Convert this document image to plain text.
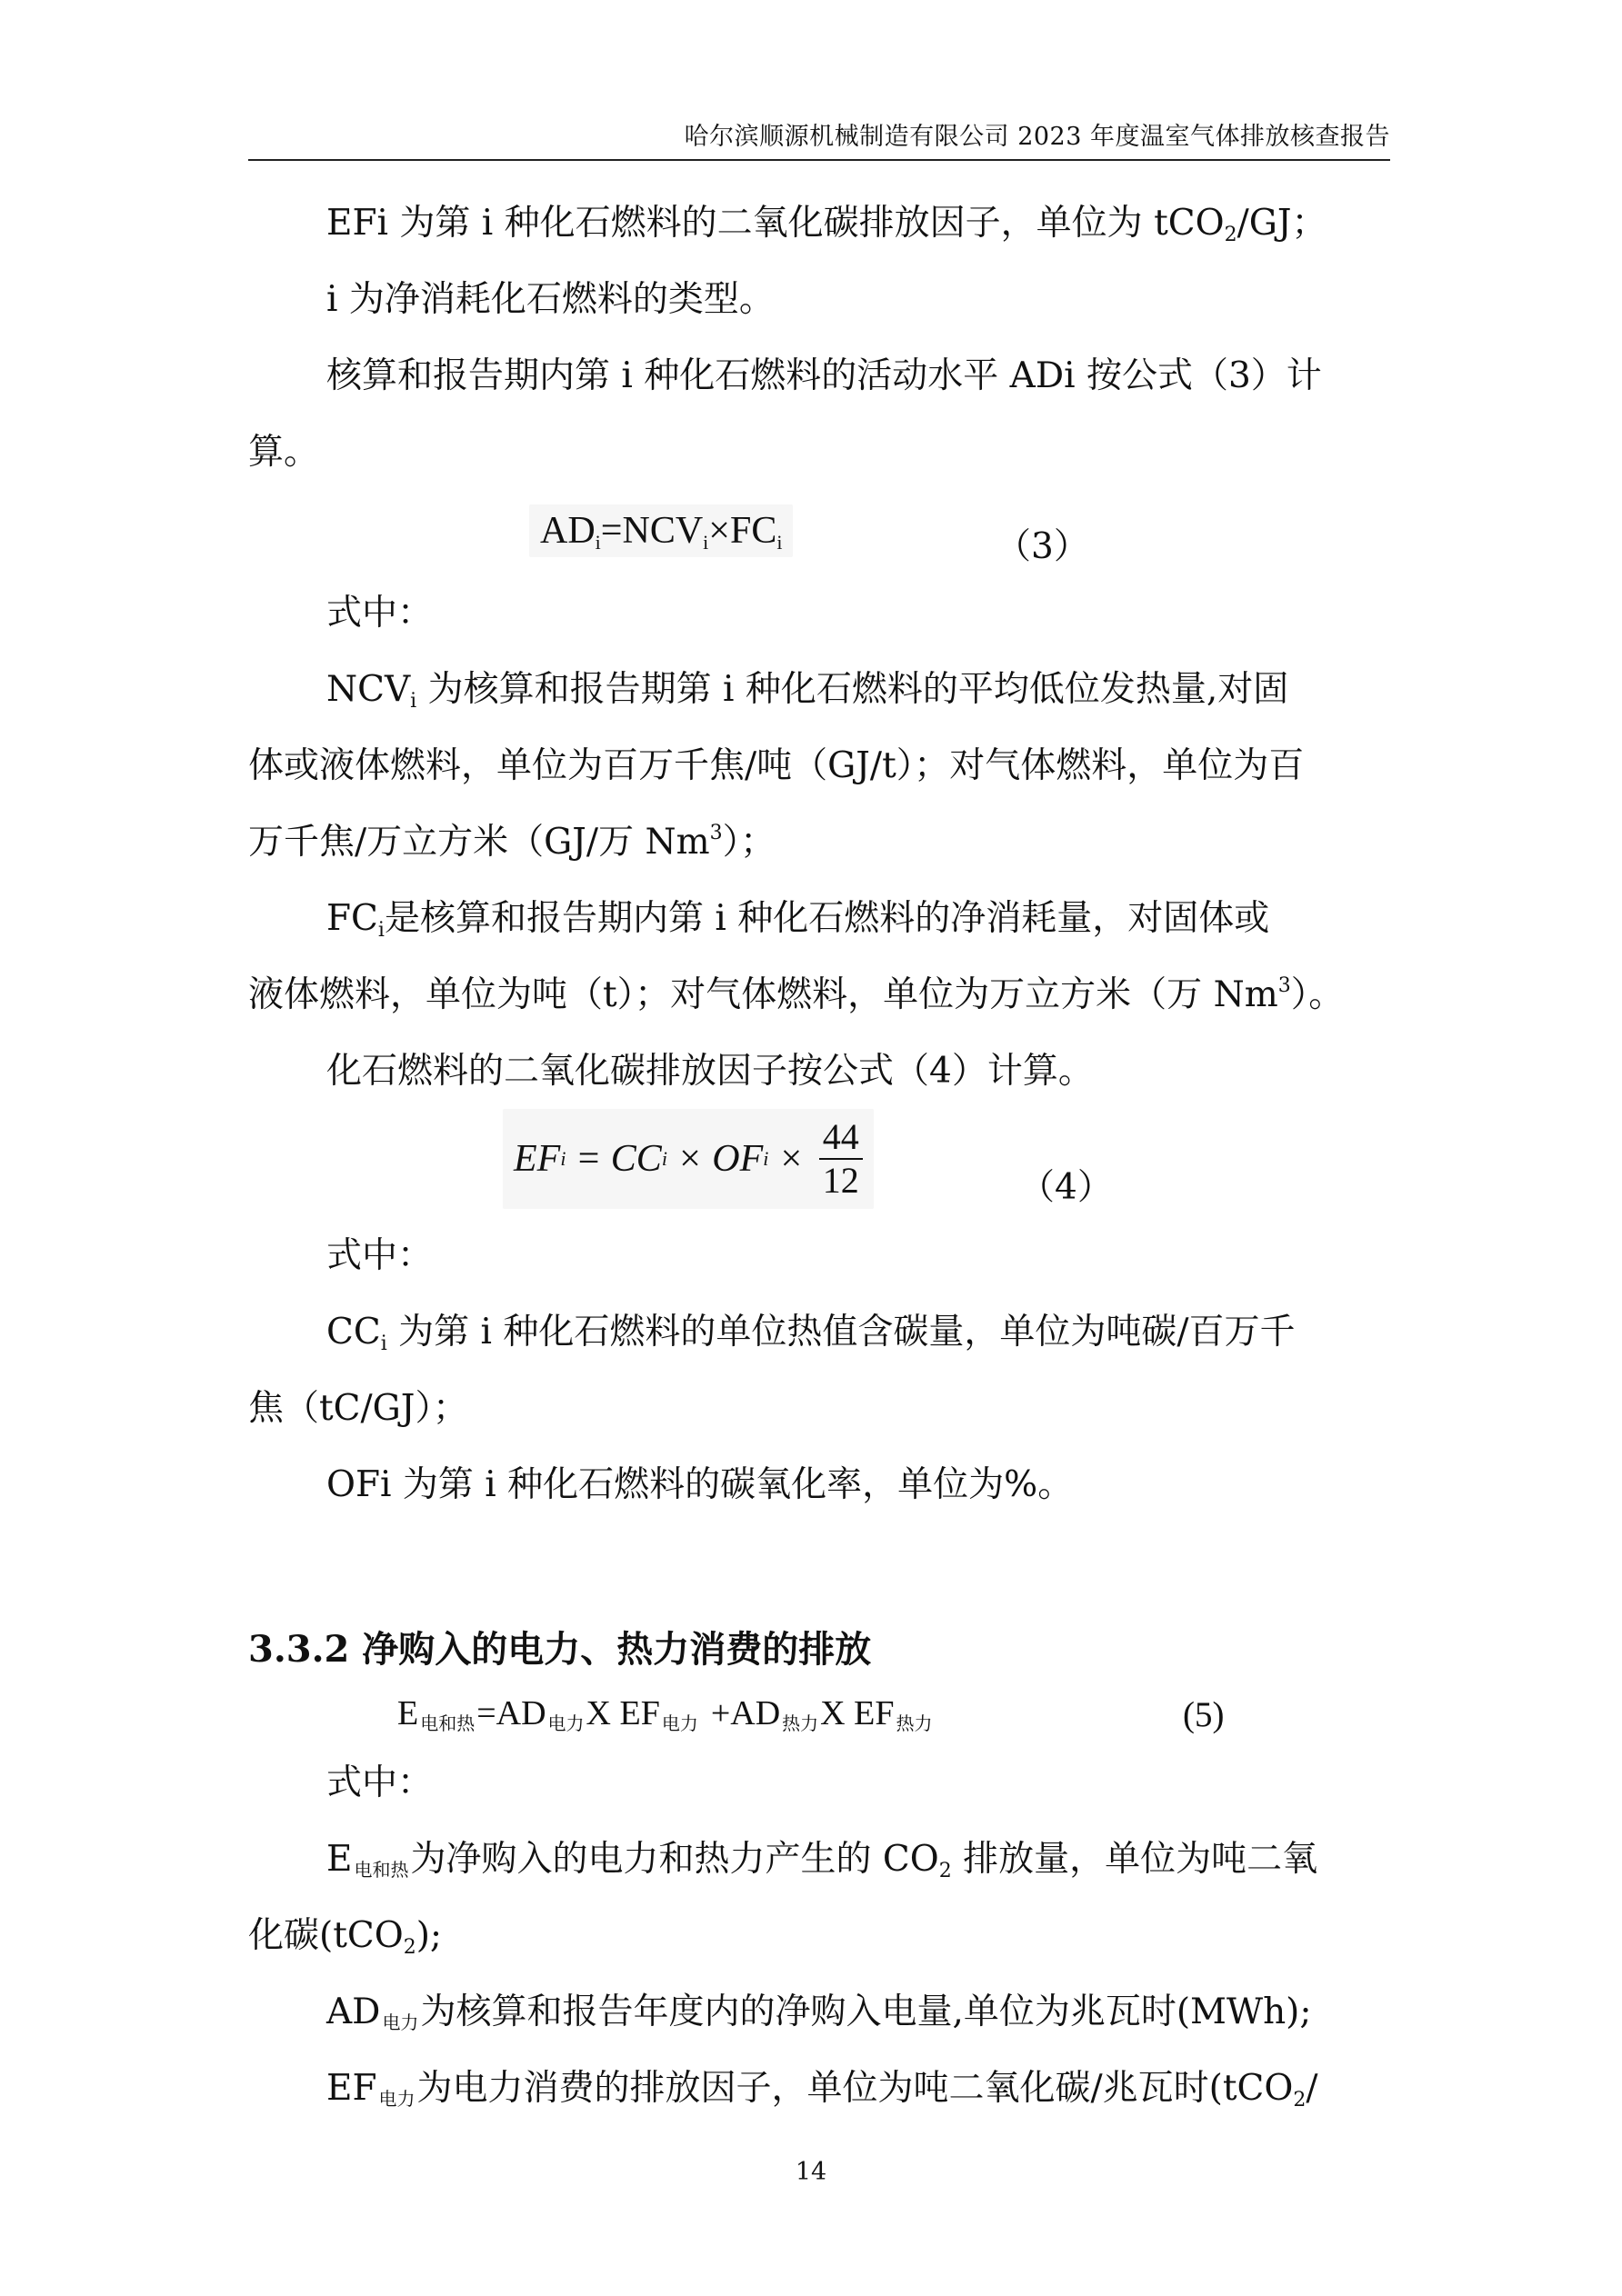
哈尔滨顺源机械制造有限公司 2023 年度温室气体排放核查报告
EFi 为第 i 种化石燃料的二氧化碳排放因子，单位为 tCO$_2$/GJ；
i 为净消耗化石燃料的类型。
核算和报告期内第 i 种化石燃料的活动水平 ADi 按公式（3）计
算。
$AD_i=NCV_i\times FC_i$	（3）
式中：
$NCV_i$ 为核算和报告期第 i 种化石燃料的平均低位发热量,对固
体或液体燃料，单位为百万千焦/吨（GJ/t）；对气体燃料，单位为百
万千焦/万立方米（GJ/万 Nm$^3$）；
$FC_i$是核算和报告期内第 i 种化石燃料的净消耗量，对固体或
液体燃料，单位为吨（t）；对气体燃料，单位为万立方米（万 Nm$^3$）。
化石燃料的二氧化碳排放因子按公式（4）计算。
EF i = CC i × OF $i \times \frac{44}{12}$	（4）
式中：
$CC_i$ 为第 i 种化石燃料的单位热值含碳量，单位为吨碳/百万千
焦（tC/GJ）；
OFi 为第 i 种化石燃料的碳氧化率，单位为%。
3.3.2 净购入的电力、热力消费的排放
E电和热=AD 电力X EF 电力 +AD 热力X EF 热力	(5)
式中：
E电和热为净购入的电力和热力产生的 $CO_2$ 排放量，单位为吨二氧
化碳(tCO$_2$);
AD 电力为核算和报告年度内的净购入电量,单位为兆瓦时(MWh);
EF 电力为电力消费的排放因子，单位为吨二氧化碳/兆瓦时(tCO$_2$/
14
